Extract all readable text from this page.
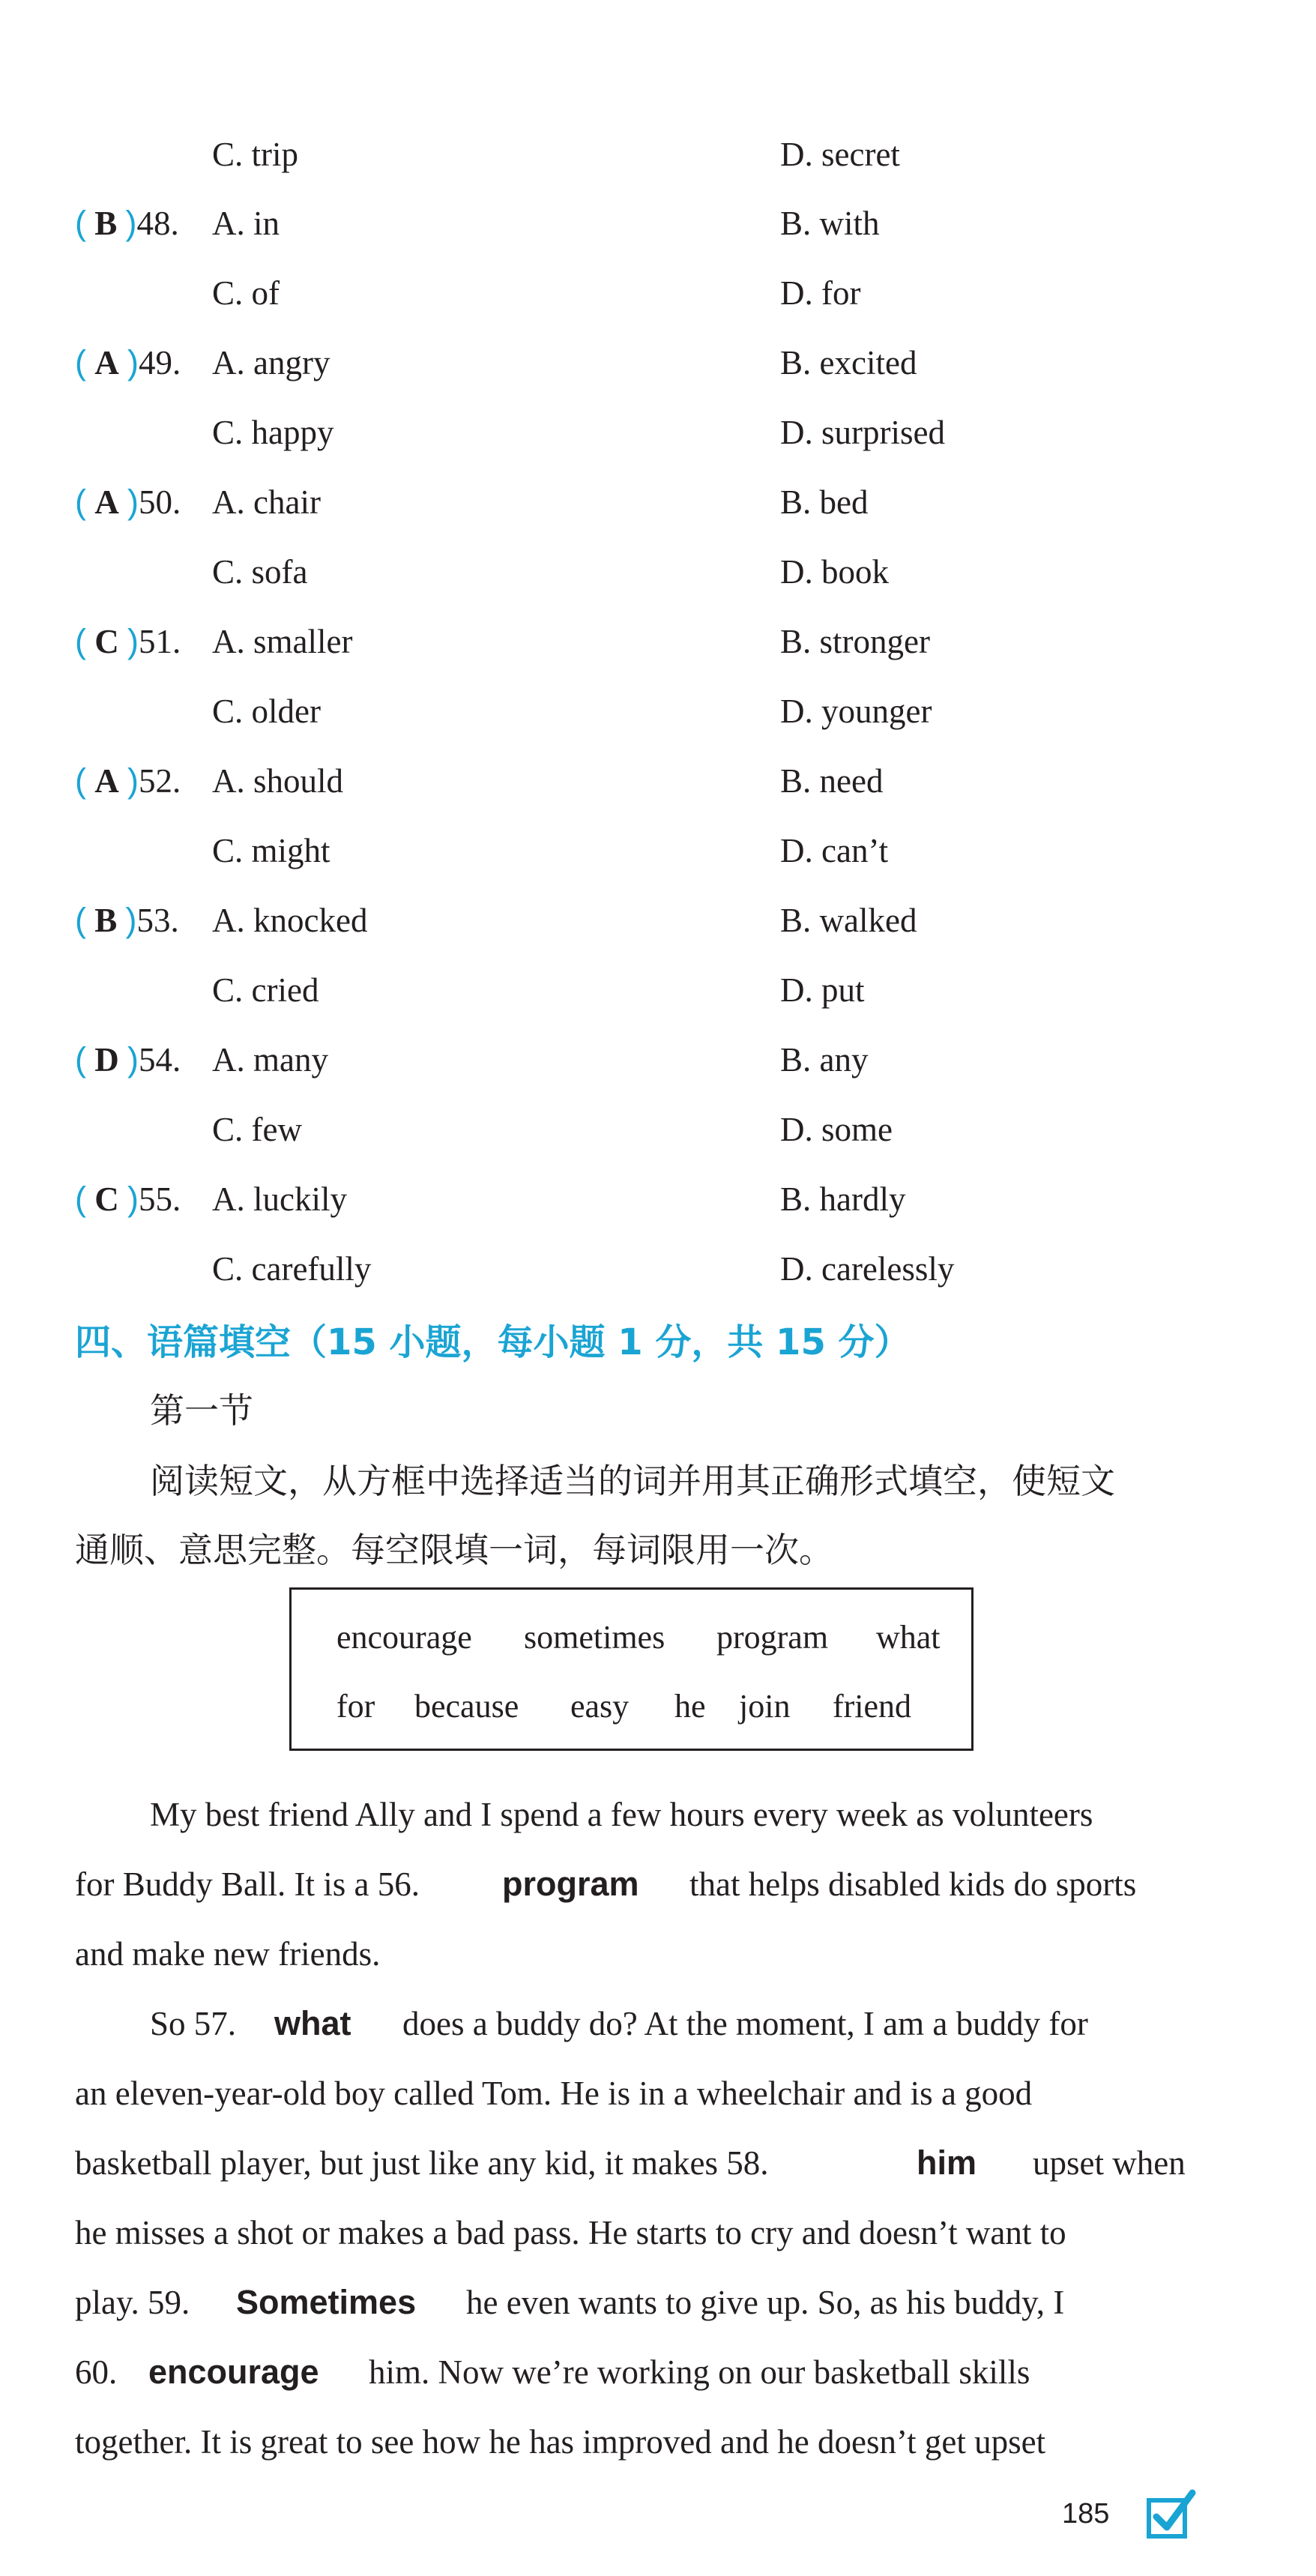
C. trip	D. secret
( B )48. A. in	B. with
C. of	D. for
( A )49. A. angry	B. excited
C. happy	D. surprised
( A )50. A. chair	B. bed
C. sofa	D. book
( C )51. A. smaller	B. stronger
C. older	D. younger
( A )52. A. should	B. need
C. might	D. can’t
( B )53. A. knocked	B. walked
C. cried	D. put
( D )54. A. many	B. any
C. few	D. some
( C )55. A. luckily	B. hardly
C. carefully	D. carelessly
四、语篇填空（15 小题，每小题 1 分，共 15 分）
第一节
阅读短文，从方框中选择适当的词并用其正确形式填空，使短文
通顺、意思完整。每空限填一词，每词限用一次。
encourage sometimes program what
for because easy he join friend
My best friend Ally and I spend a few hours every week as volunteers
for Buddy Ball. It is a 56. program that helps disabled kids do sports
and make new friends.
So 57. what does a buddy do? At the moment, I am a buddy for
an eleven-year-old boy called Tom. He is in a wheelchair and is a good
basketball player, but just like any kid, it makes 58.	him upset when
he misses a shot or makes a bad pass. He starts to cry and doesn’t want to
play. 59. Sometimes he even wants to give up. So, as his buddy, I
60. encourage him. Now we’re working on our basketball skills
together. It is great to see how he has improved and he doesn’t get upset
185
